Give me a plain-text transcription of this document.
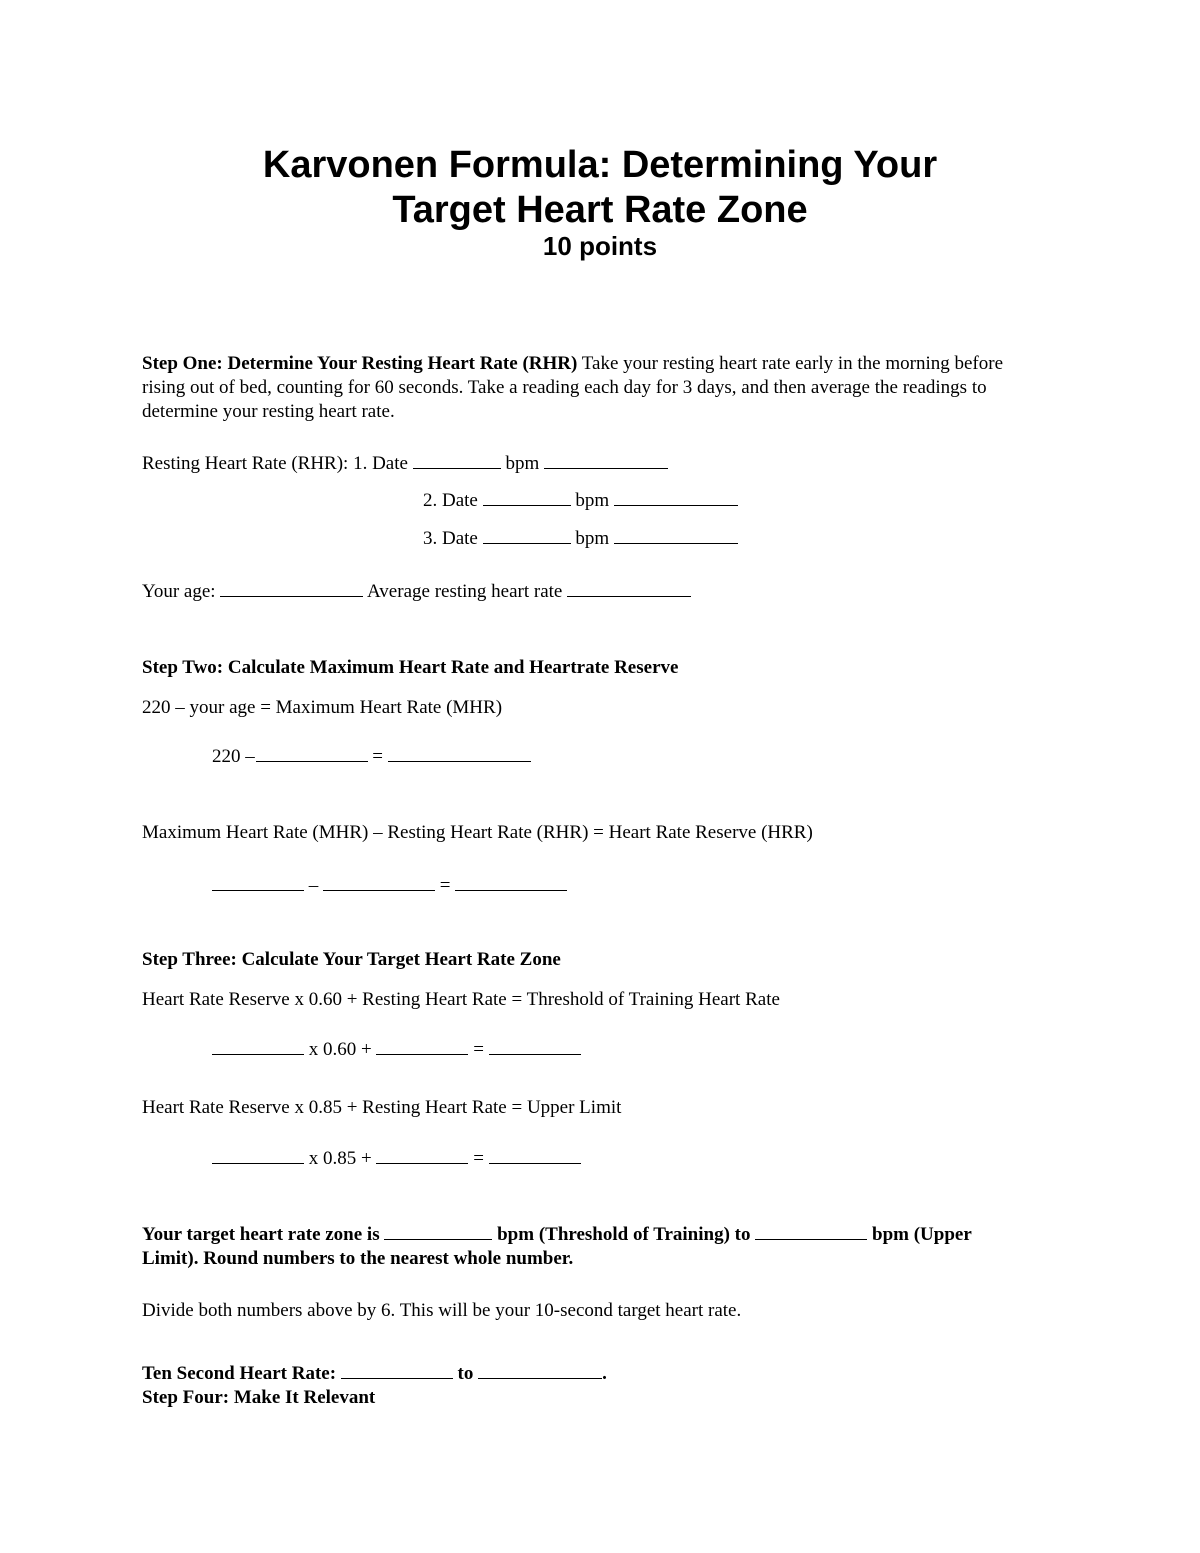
Karvonen Formula: Determining Your
Target Heart Rate Zone
10 points
Step One: Determine Your Resting Heart Rate (RHR) Take your resting heart rate early in the morning before rising out of bed, counting for 60 seconds. Take a reading each day for 3 days, and then average the readings to determine your resting heart rate.
Resting Heart Rate (RHR): 1. Date	bpm
2. Date	bpm
3. Date	bpm
Your age:	Average resting heart rate
Step Two: Calculate Maximum Heart Rate and Heartrate Reserve
220 – your age = Maximum Heart Rate (MHR)
220 –	=
Maximum Heart Rate (MHR) – Resting Heart Rate (RHR) = Heart Rate Reserve (HRR)
–	=
Step Three: Calculate Your Target Heart Rate Zone
Heart Rate Reserve x 0.60 + Resting Heart Rate = Threshold of Training Heart Rate
x 0.60 +	=
Heart Rate Reserve x 0.85 + Resting Heart Rate = Upper Limit
x 0.85 +	=
Your target heart rate zone is	bpm (Threshold of Training) to	bpm (Upper
Limit). Round numbers to the nearest whole number.
Divide both numbers above by 6. This will be your 10-second target heart rate.
Ten Second Heart Rate:	to	.
Step Four: Make It Relevant
